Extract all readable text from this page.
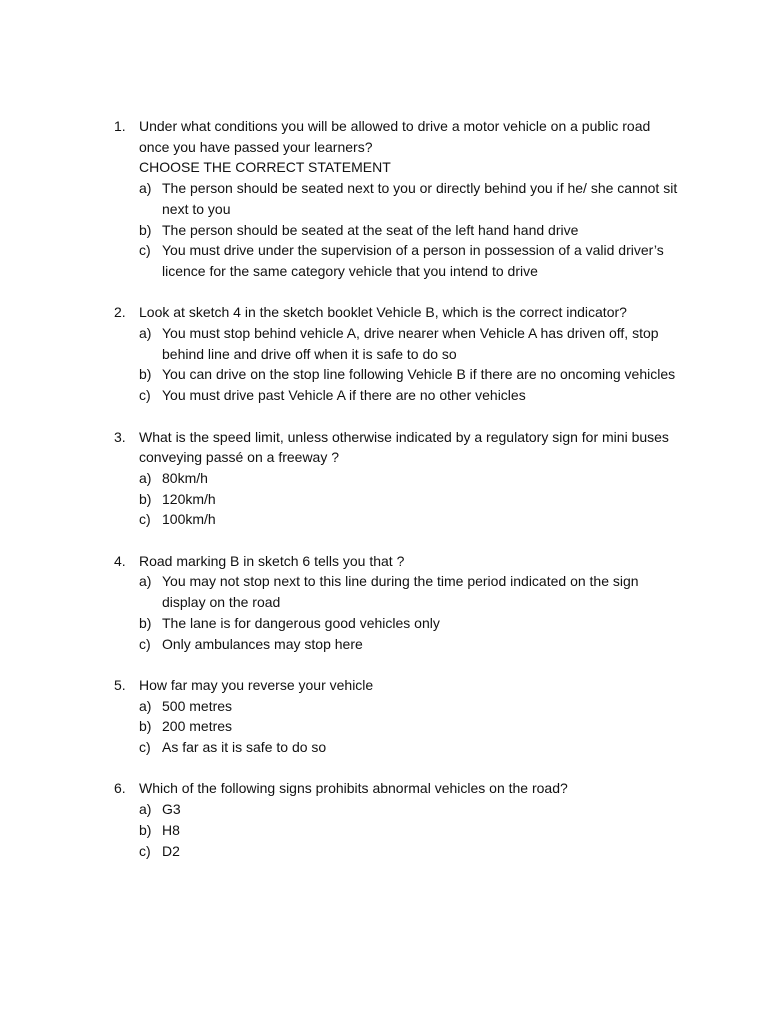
1. Under what conditions you will be allowed to drive a motor vehicle on a public road once you have passed your learners?
CHOOSE THE CORRECT STATEMENT
a) The person should be seated next to you or directly behind you if he/ she cannot sit next to you
b) The person should be seated at the seat of the left hand hand drive
c) You must drive under the supervision of a person in possession of a valid driver’s licence for the same category vehicle that you intend to drive
2. Look at sketch 4 in the sketch booklet Vehicle B, which is the correct indicator?
a) You must stop behind vehicle A, drive nearer when Vehicle A has driven off, stop behind line and drive off when it is safe to do so
b) You can drive on the stop line following Vehicle B if there are no oncoming vehicles
c) You must drive past Vehicle A if there are no other vehicles
3. What is the speed limit, unless otherwise indicated by a regulatory sign for mini buses conveying passé on a freeway ?
a) 80km/h
b) 120km/h
c) 100km/h
4. Road marking B in sketch 6 tells you that ?
a) You may not stop next to this line during the time period indicated on the sign display on the road
b) The lane is for dangerous good vehicles only
c) Only ambulances may stop here
5. How far may you reverse your vehicle
a) 500 metres
b) 200 metres
c) As far as it is safe to do so
6. Which of the following signs prohibits abnormal vehicles on the road?
a) G3
b) H8
c) D2
